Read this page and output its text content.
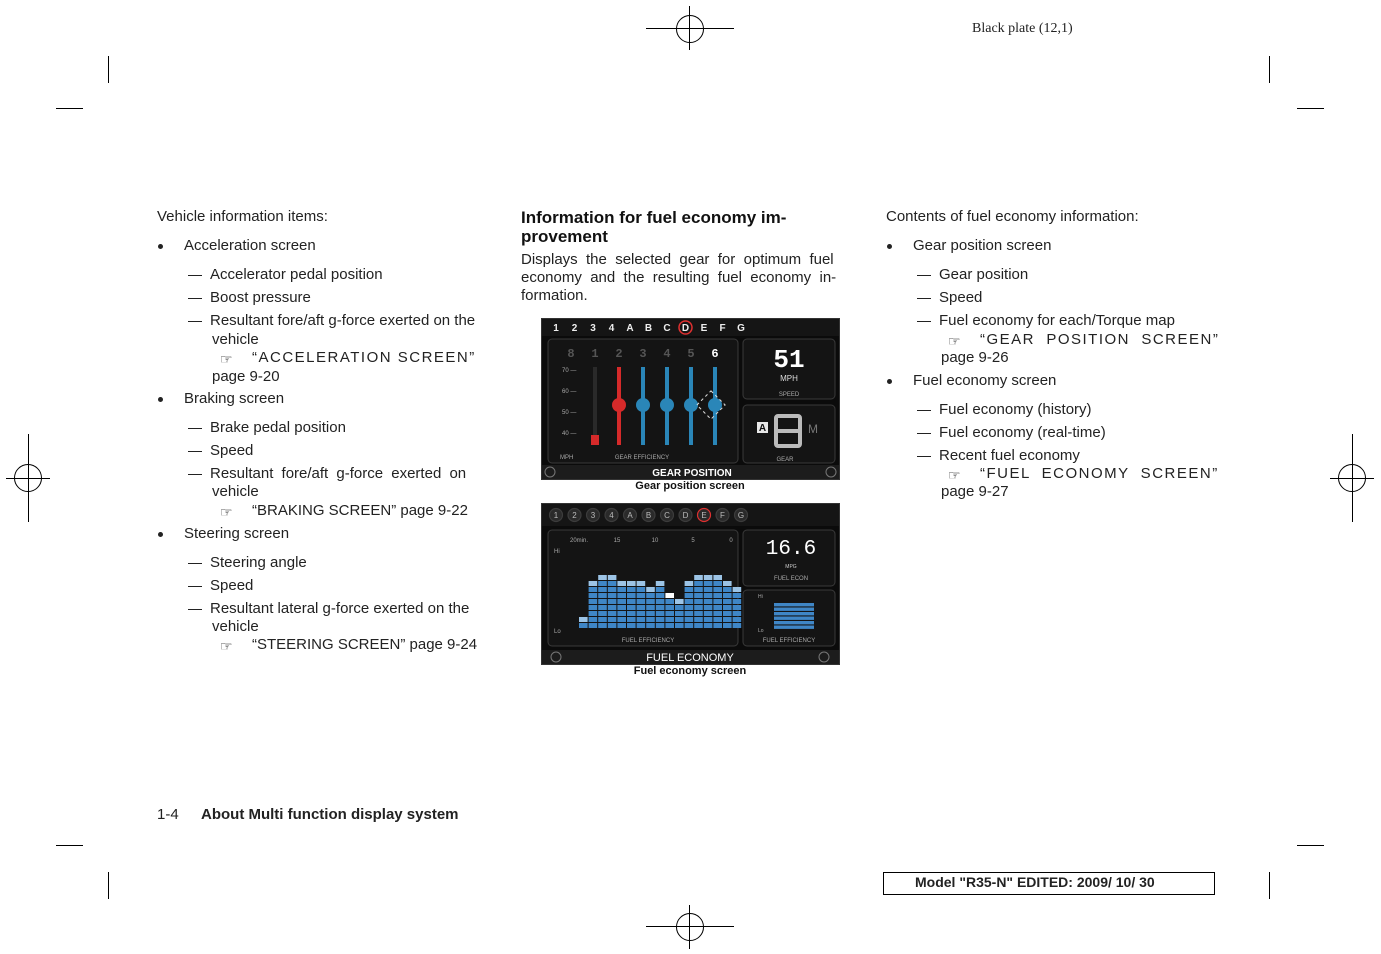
Black plate (12,1)
Vehicle information items:
Acceleration screen
Accelerator pedal position
Boost pressure
Resultant fore/aft g-force exerted on the
vehicle
☞ “ACCELERATION SCREEN”
page 9-20
Braking screen
Brake pedal position
Speed
Resultant fore/aft g-force exerted on
vehicle
☞ “BRAKING SCREEN” page 9-22
Steering screen
Steering angle
Speed
Resultant lateral g-force exerted on the
vehicle
☞ “STEERING SCREEN” page 9-24
Information for fuel economy im-
provement
Displays  the  selected  gear  for  optimum  fuel
economy  and  the  resulting  fuel  economy  in-
formation.
1 2 3 4 A B C D E F G
8 1 2 3 4 5 6
70 —
60 —
50 —
40 —
51
MPH
SPEED
A	M
GEAR
MPH	GEAR EFFICIENCY
GEAR POSITION
Gear position screen
1 2 3 4 A B C D E F G
20min.	15	10	5	0
Hi
Lo
FUEL EFFICIENCY
16.6
MPG
FUEL ECON
Hi
Lo
FUEL EFFICIENCY
FUEL ECONOMY
Fuel economy screen
Contents of fuel economy information:
Gear position screen
Gear position
Speed
Fuel economy for each/Torque map
☞ “GEAR  POSITION  SCREEN”
page 9-26
Fuel economy screen
Fuel economy (history)
Fuel economy (real-time)
Recent fuel economy
☞ “FUEL  ECONOMY  SCREEN”
page 9-27
1-4 About Multi function display system
Model "R35-N" EDITED: 2009/ 10/ 30
